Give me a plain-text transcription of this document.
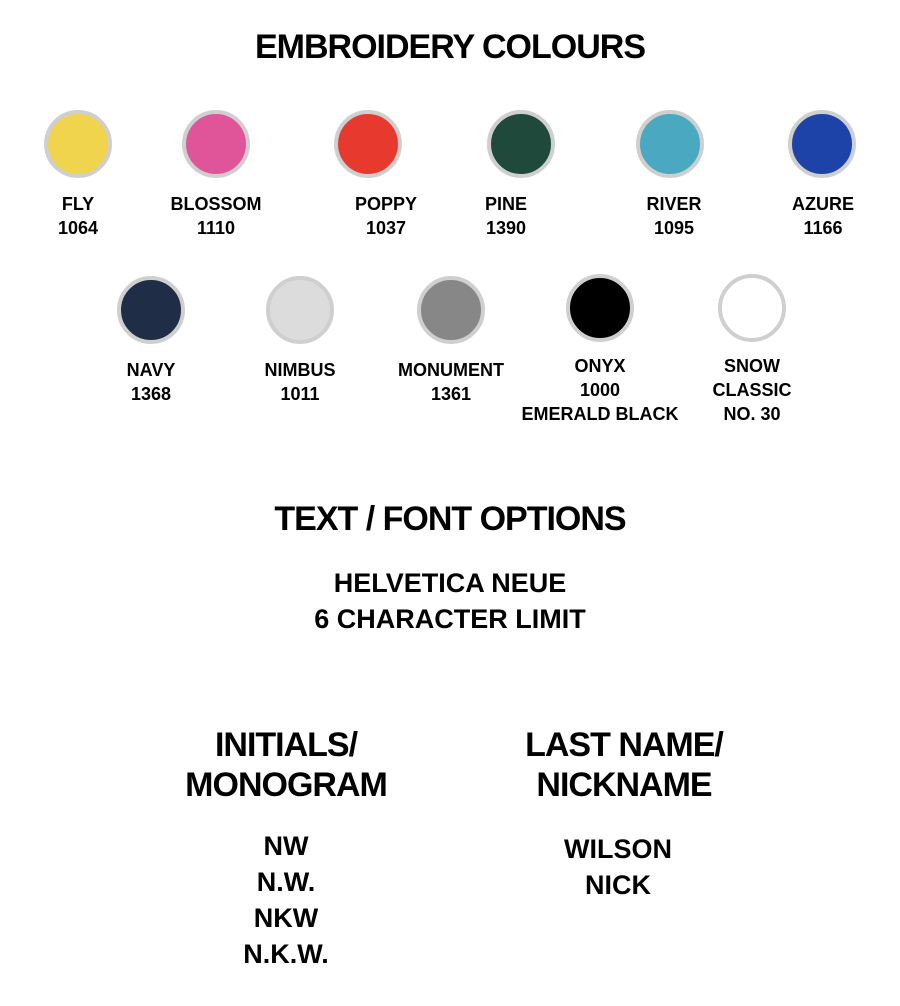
EMBROIDERY COLOURS
FLY
1064
BLOSSOM
1110
POPPY
1037
PINE
1390
RIVER
1095
AZURE
1166
NAVY
1368
NIMBUS
1011
MONUMENT
1361
ONYX
1000
EMERALD BLACK
SNOW
CLASSIC
NO. 30
TEXT / FONT OPTIONS
HELVETICA NEUE
6 CHARACTER LIMIT
INITIALS/
MONOGRAM
NW
N.W.
NKW
N.K.W.
LAST NAME/
NICKNAME
WILSON
NICK
